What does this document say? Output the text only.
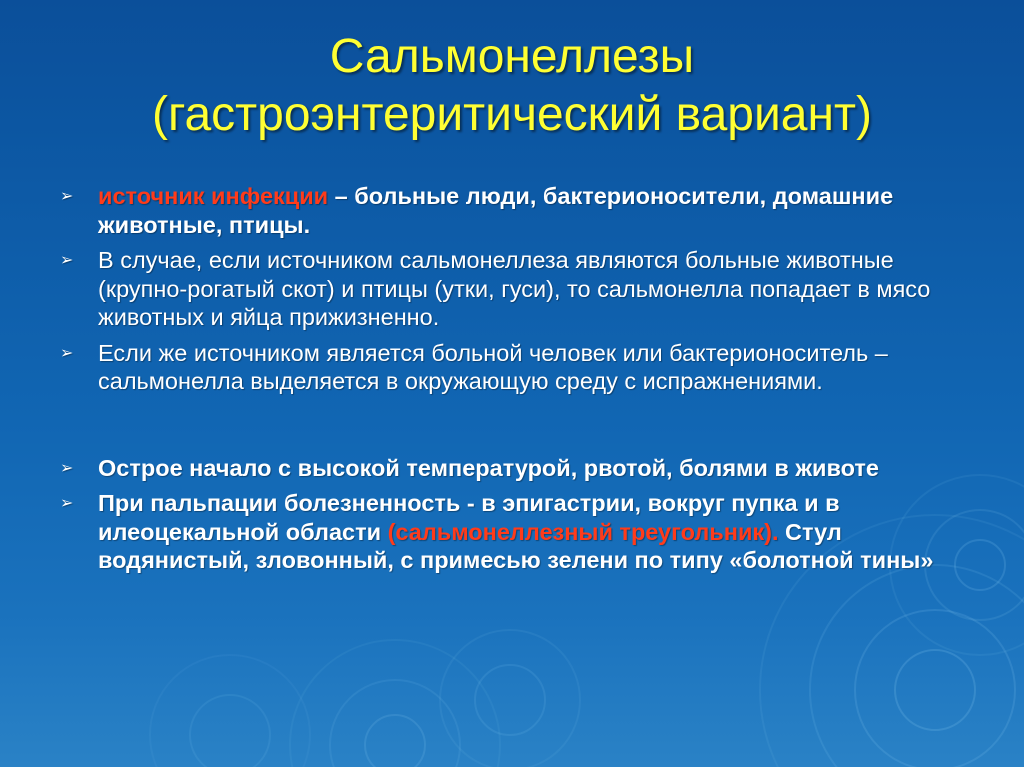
Сальмонеллезы
(гастроэнтеритический вариант)
➢	источник инфекции – больные люди, бактерионосители, домашние животные, птицы.
➢	В случае, если источником сальмонеллеза являются больные животные (крупно-рогатый скот) и птицы (утки, гуси), то сальмонелла попадает в мясо животных и яйца прижизненно.
➢	Если же источником является больной человек или бактерионоситель – сальмонелла выделяется в окружающую среду с испражнениями.
➢	Острое начало с высокой температурой, рвотой, болями в животе
➢	При пальпации болезненность - в эпигастрии, вокруг пупка и в илеоцекальной области (сальмонеллезный треугольник). Стул водянистый, зловонный, с примесью зелени по типу «болотной тины»
